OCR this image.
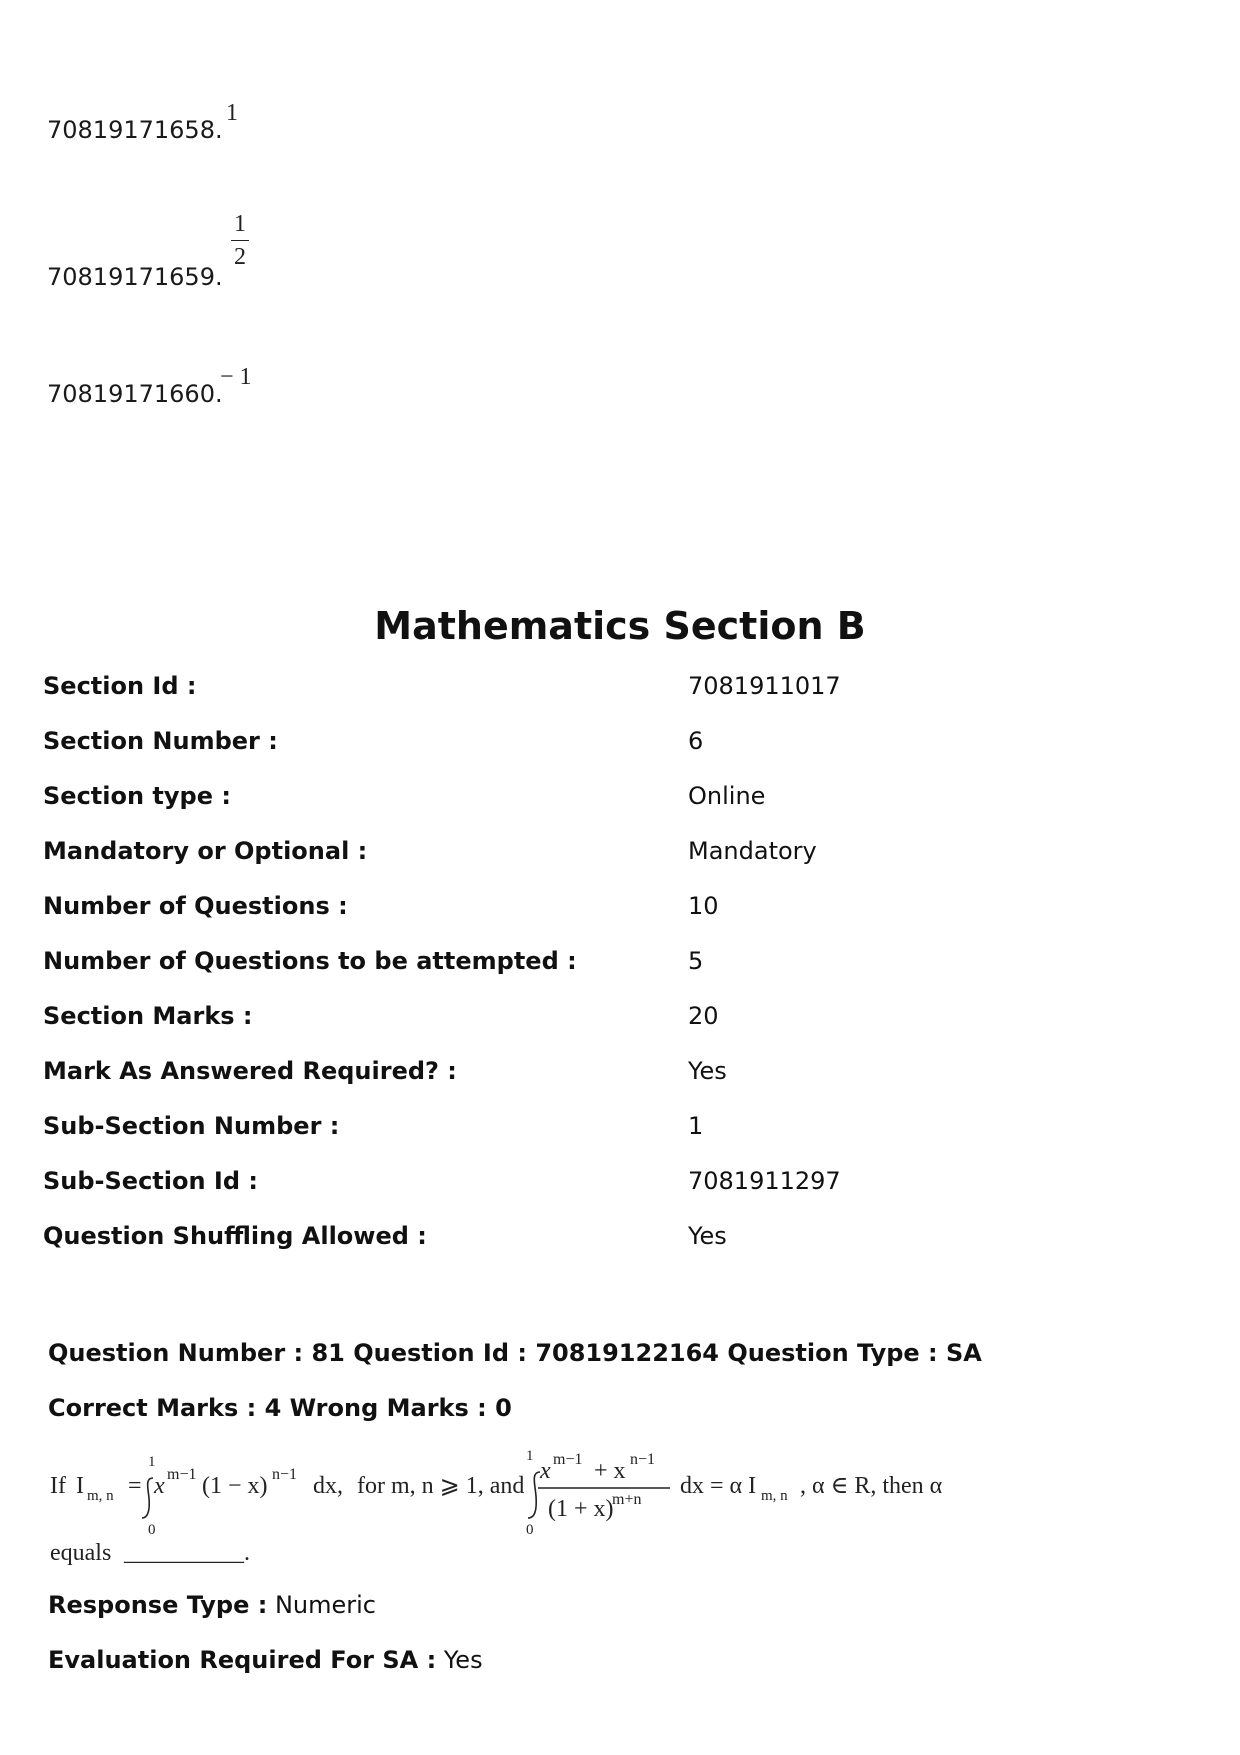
70819171658.
1
70819171659.
$\frac{1}{2}$
70819171660.
− 1
Mathematics Section B
Section Id :	7081911017
Section Number :	6
Section type :	Online
Mandatory or Optional :	Mandatory
Number of Questions :	10
Number of Questions to be attempted :	5
Section Marks :	20
Mark As Answered Required? :	Yes
Sub-Section Number :	1
Sub-Section Id :	7081911297
Question Shuffling Allowed :	Yes
Question Number : 81 Question Id : 70819122164 Question Type : SA
Correct Marks : 4 Wrong Marks : 0
If I m, n =
1
0
x m−1 (1 − x) n−1 dx, for m, n ⩾ 1, and
1
0
x m−1 + x n−1
(1 + x)
m+n
dx = α I m, n , α ∈ R, then α
equals __________.
Response Type : Numeric
Evaluation Required For SA : Yes
